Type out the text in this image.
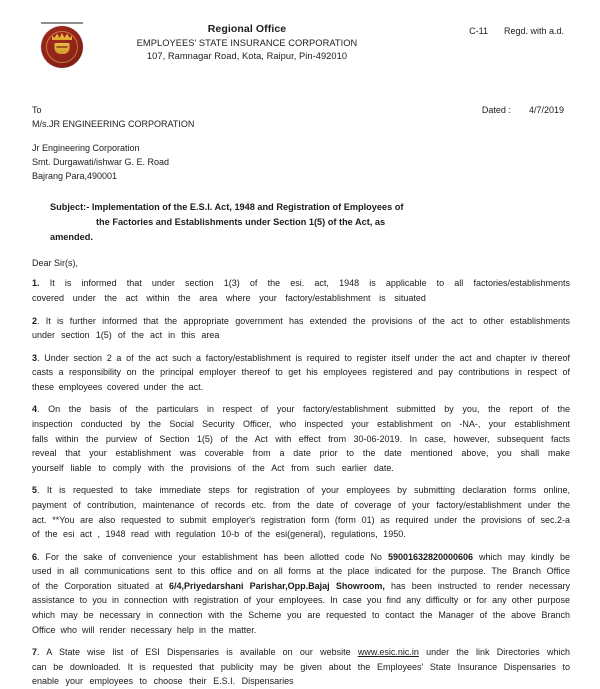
Regional Office
EMPLOYEES' STATE INSURANCE CORPORATION
107, Ramnagar Road, Kota, Raipur, Pin-492010
C-11 Regd. with a.d.
To
M/s.JR ENGINEERING CORPORATION
Dated : 4/7/2019
Jr Engineering Corporation
Smt. Durgawati/ishwar G. E. Road
Bajrang Para,490001
Subject:- Implementation of the E.S.I. Act, 1948 and Registration of Employees of
the Factories and Establishments under Section 1(5) of the Act, as
amended.
Dear Sir(s),
1. It is informed that under section 1(3) of the esi. act, 1948 is applicable to all factories/establishments covered under the act within the area where your factory/establishment is situated
2. It is further informed that the appropriate government has extended the provisions of the act to other establishments under section 1(5) of the act in this area
3. Under section 2 a of the act such a factory/establishment is required to register itself under the act and chapter iv thereof casts a responsibility on the principal employer thereof to get his employees registered and pay contributions in respect of these employees covered under the act.
4. On the basis of the particulars in respect of your factory/establishment submitted by you, the report of the inspection conducted by the Social Security Officer, who inspected your establishment on -NA-, your establishment falls within the purview of Section 1(5) of the Act with effect from 30-06-2019. In case, however, subsequent facts reveal that your establishment was coverable from a date prior to the date mentioned above, you shall make yourself liable to comply with the provisions of the Act from such earlier date.
5. It is requested to take immediate steps for registration of your employees by submitting declaration forms online, payment of contribution, maintenance of records etc. from the date of coverage of your factory/establishment under the act. **You are also requested to submit employer's registration form (form 01) as required under the provisions of sec.2-a of the esi act , 1948 read with regulation 10-b of the esi(general), regulations, 1950.
6. For the sake of convenience your establishment has been allotted code No 59001632820000606 which may kindly be used in all communications sent to this office and on all forms at the place indicated for the purpose. The Branch Office of the Corporation situated at 6/4,Priyedarshani Parishar,Opp.Bajaj Showroom, has been instructed to render necessary assistance to you in connection with registration of your employees. In case you find any difficulty or for any other purpose which may be necessary in connection with the Scheme you are requested to contact the Manager of the above Branch Office who will render necessary help in the matter.
7. A State wise list of ESI Dispensaries is available on our website www.esic.nic.in under the link Directories which can be downloaded. It is requested that publicity may be given about the Employees' State Insurance Dispensaries to enable your employees to choose their E.S.I. Dispensaries
